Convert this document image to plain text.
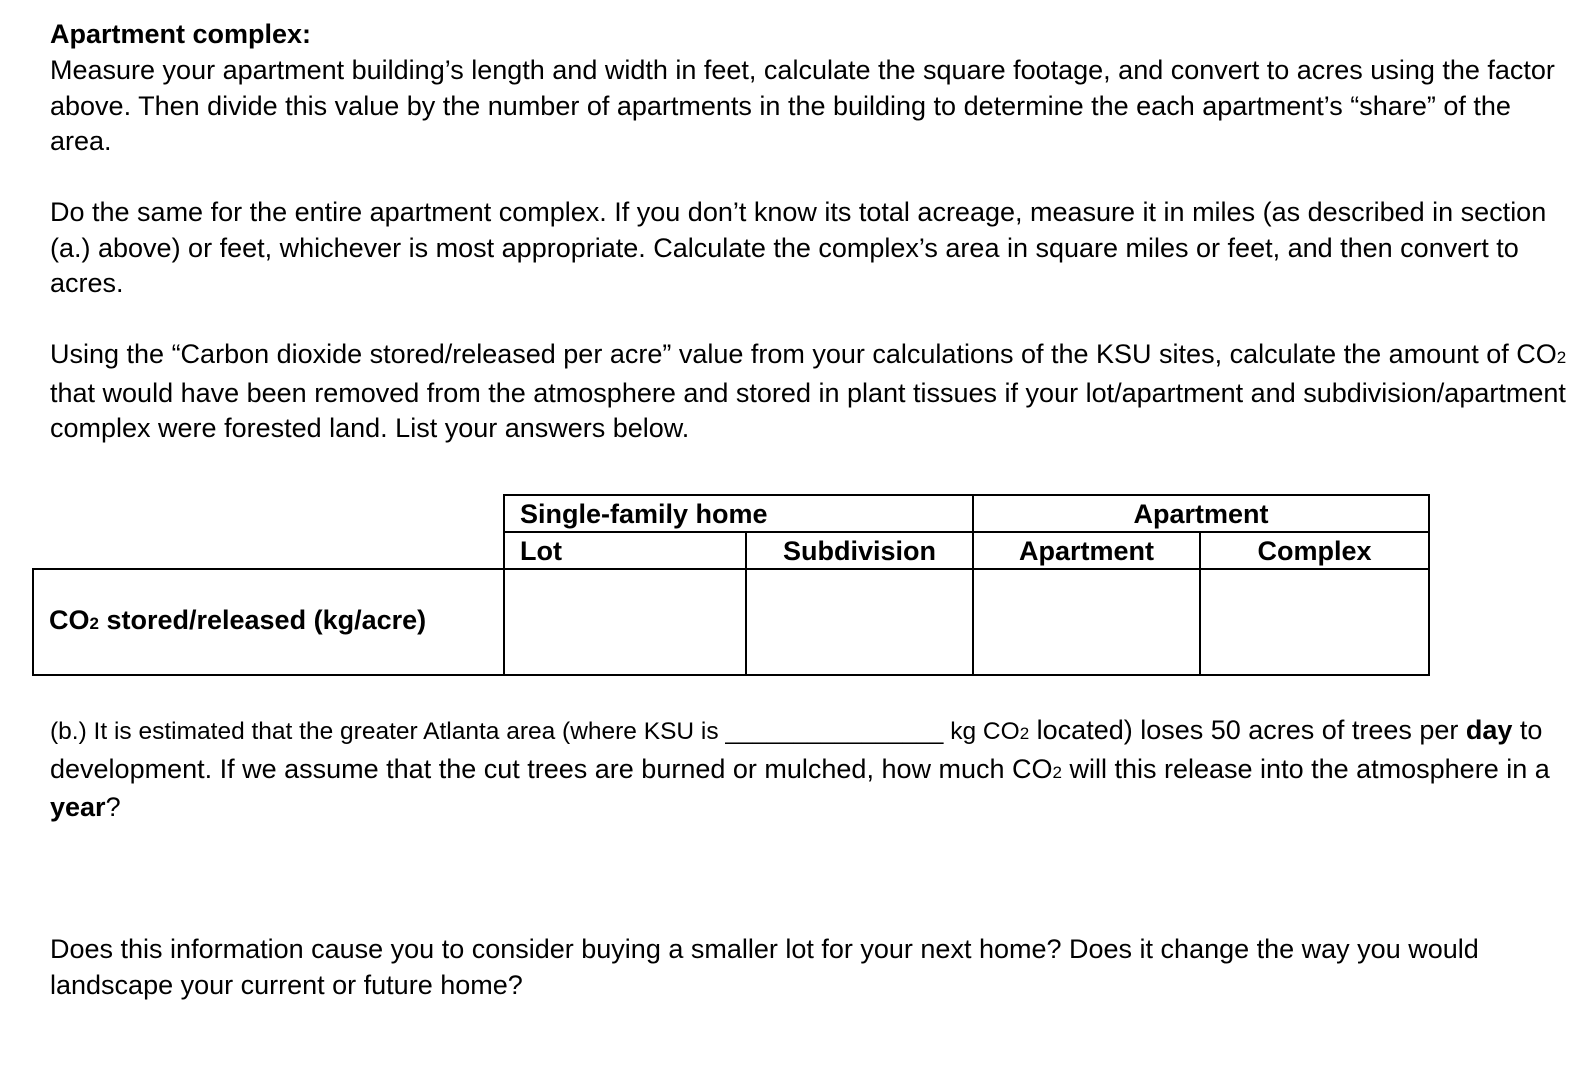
Apartment complex:

Measure your apartment building’s length and width in feet, calculate the square footage, and convert to acres using the factor above. Then divide this value by the number of apartments in the building to determine the each apartment’s “share” of the area.

Do the same for the entire apartment complex. If you don’t know its total acreage, measure it in miles (as described in section (a.) above) or feet, whichever is most appropriate. Calculate the complex’s area in square miles or feet, and then convert to acres.

Using the “Carbon dioxide stored/released per acre” value from your calculations of the KSU sites, calculate the amount of CO2 that would have been removed from the atmosphere and stored in plant tissues if your lot/apartment and subdivision/apartment complex were forested land. List your answers below.

	Single-family home		Apartment	
	Lot	Subdivision	Apartment	Complex
CO2 stored/released (kg/acre)				

(b.) It is estimated that the greater Atlanta area (where KSU is ________________ kg CO2 located) loses 50 acres of trees per day to development. If we assume that the cut trees are burned or mulched, how much CO2 will this release into the atmosphere in a year?

Does this information cause you to consider buying a smaller lot for your next home? Does it change the way you would landscape your current or future home?
